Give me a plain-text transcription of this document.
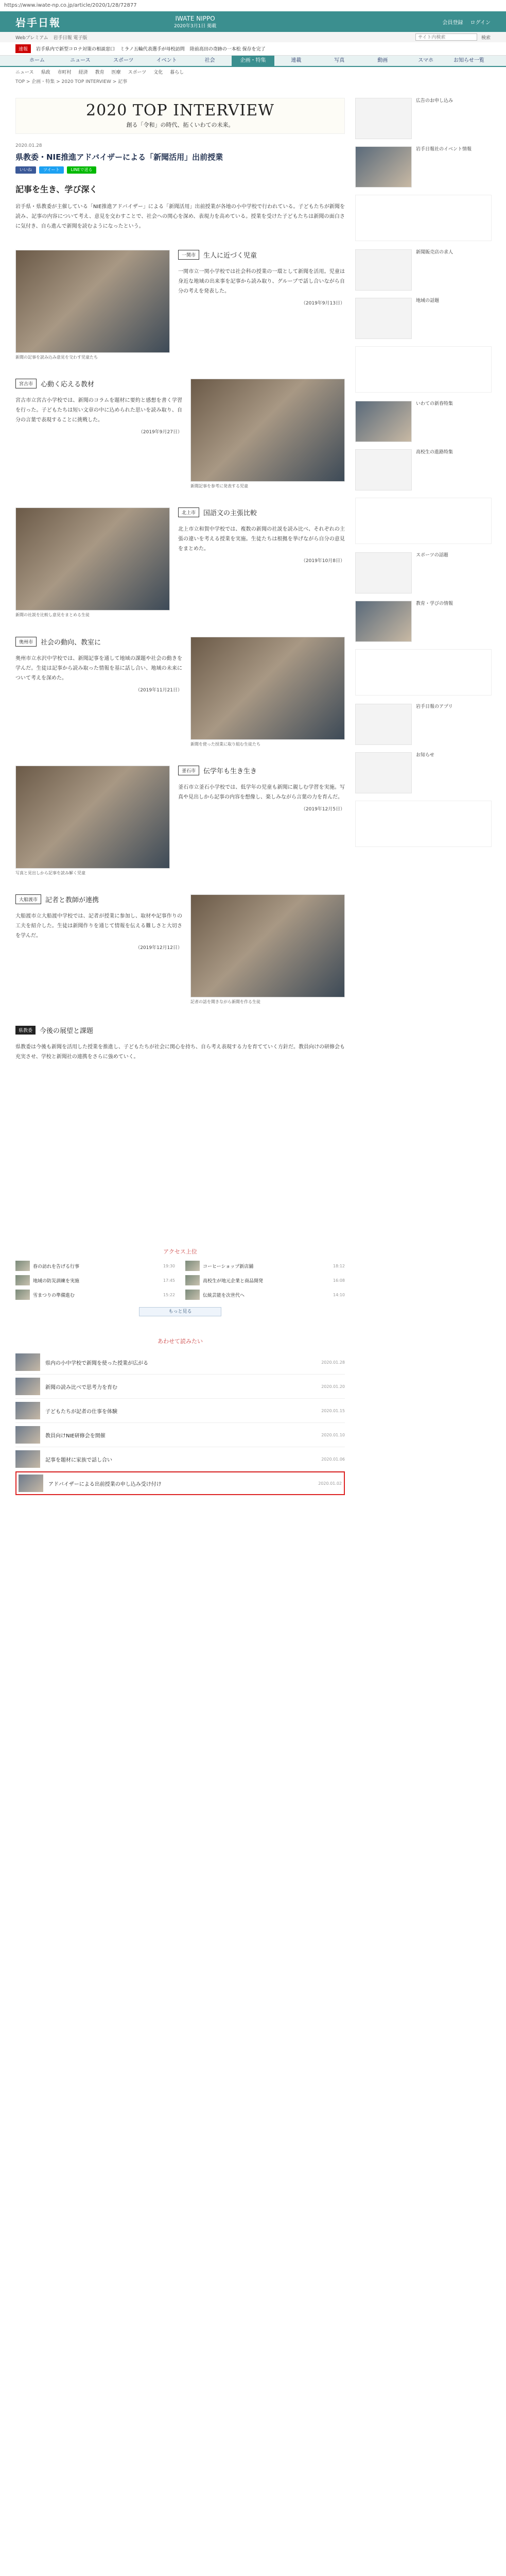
https://www.iwate-np.co.jp/article/2020/1/28/72877
岩手日報	IWATE NIPPO
2020年3月1日 掲載
会員登録 ログイン
Webプレミアム 岩手日報 電子版
サイト内検索	検索
速報	岩手県内で新型コロナ対策の相談窓口 ミラノ五輪代表選手が母校訪問 陸前高田の奇跡の一本松 保存を完了
ホーム	ニュース	スポーツ	イベント	社会	企画・特集	連載	写真	動画	スマホ	お知らせ一覧
ニュース 県政 市町村 経済 教育 医療 スポーツ 文化 暮らし
TOP > 企画・特集 > 2020 TOP INTERVIEW > 記事
2020 TOP INTERVIEW
創る「令和」の時代、拓くいわての未来。
2020.01.28
県教委・NIE推進アドバイザーによる「新聞活用」出前授業
いいね	ツイート	LINEで送る
記事を生き、学び深く
岩手県・県教委が主催している「NIE推進アドバイザー」による「新聞活用」出前授業が各地の小中学校で行われている。子どもたちが新聞を読み、記事の内容について考え、意見を交わすことで、社会への関心を深め、表現力を高めている。授業を受けた子どもたちは新聞の面白さに気付き、自ら進んで新聞を読むようになったという。
新聞の記事を読み込み意見を交わす児童たち
一関市	生人に近づく児童
一関市立一関小学校では社会科の授業の一環として新聞を活用。児童は身近な地域の出来事を記事から読み取り、グループで話し合いながら自分の考えを発表した。
（2019年9月13日）
新聞記事を参考に発表する児童
宮古市	心動く応える教材
宮古市立宮古小学校では、新聞のコラムを題材に要約と感想を書く学習を行った。子どもたちは短い文章の中に込められた思いを読み取り、自分の言葉で表現することに挑戦した。
（2019年9月27日）
新聞の社説を比較し意見をまとめる生徒
北上市	国語文の主張比較
北上市立和賀中学校では、複数の新聞の社説を読み比べ、それぞれの主張の違いを考える授業を実施。生徒たちは根拠を挙げながら自分の意見をまとめた。
（2019年10月8日）
新聞を使った授業に取り組む生徒たち
奥州市	社会の動向、教室に
奥州市立水沢中学校では、新聞記事を通して地域の課題や社会の動きを学んだ。生徒は記事から読み取った情報を基に話し合い、地域の未来について考えを深めた。
（2019年11月21日）
写真と見出しから記事を読み解く児童
釜石市	伝学年も生き生き
釜石市立釜石小学校では、低学年の児童も新聞に親しむ学習を実施。写真や見出しから記事の内容を想像し、楽しみながら言葉の力を育んだ。
（2019年12月5日）
記者の話を聞きながら新聞を作る生徒
大船渡市	記者と教師が連携
大船渡市立大船渡中学校では、記者が授業に参加し、取材や記事作りの工夫を紹介した。生徒は新聞作りを通じて情報を伝える難しさと大切さを学んだ。
（2019年12月12日）
県教委	今後の展望と課題
県教委は今後も新聞を活用した授業を推進し、子どもたちが社会に関心を持ち、自ら考え表現する力を育てていく方針だ。教員向けの研修会も充実させ、学校と新聞社の連携をさらに強めていく。
アクセス上位
春の訪れを告げる行事	19:30	コーヒーショップ新店舗	18:12
地域の防災訓練を実施	17:45	高校生が地元企業と商品開発	16:08
雪まつりの準備進む	15:22	伝統芸能を次世代へ	14:10
もっと見る
あわせて読みたい
県内の小中学校で新聞を使った授業が広がる	2020.01.28
新聞の読み比べで思考力を育む	2020.01.20
子どもたちが記者の仕事を体験	2020.01.15
教員向けNIE研修会を開催	2020.01.10
記事を題材に家族で話し合い	2020.01.06
アドバイザーによる出前授業の申し込み受け付け	2020.01.02
広告のお申し込み
岩手日報社のイベント情報
新聞販売店の求人
地域の話題
いわての新春特集
高校生の進路特集
スポーツの話題
教育・学びの情報
岩手日報のアプリ
お知らせ
